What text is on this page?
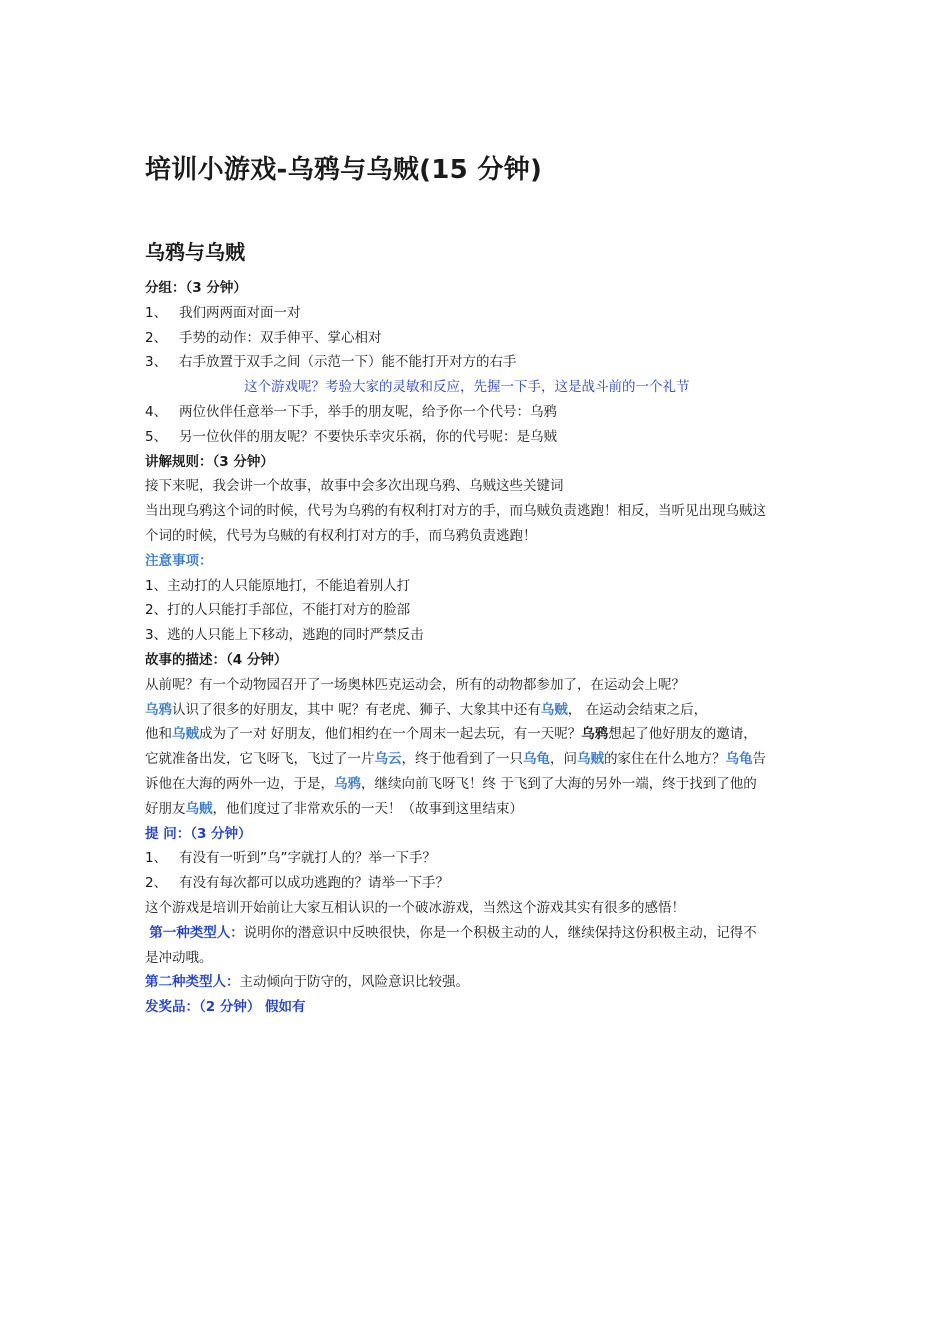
培训小游戏-乌鸦与乌贼(15 分钟)
乌鸦与乌贼
分组：（3 分钟）
1、 我们两两面对面一对
2、 手势的动作：双手伸平、掌心相对
3、 右手放置于双手之间（示范一下）能不能打开对方的右手
这个游戏呢？考验大家的灵敏和反应，先握一下手，这是战斗前的一个礼节
4、 两位伙伴任意举一下手，举手的朋友呢，给予你一个代号：乌鸦
5、 另一位伙伴的朋友呢？不要快乐幸灾乐祸，你的代号呢：是乌贼
讲解规则：（3 分钟）
接下来呢，我会讲一个故事，故事中会多次出现乌鸦、乌贼这些关键词
当出现乌鸦这个词的时候，代号为乌鸦的有权利打对方的手，而乌贼负责逃跑！相反，当听见出现乌贼这
个词的时候，代号为乌贼的有权利打对方的手，而乌鸦负责逃跑！
注意事项：
1、主动打的人只能原地打，不能追着别人打
2、打的人只能打手部位，不能打对方的脸部
3、逃的人只能上下移动，逃跑的同时严禁反击
故事的描述：（4 分钟）
从前呢？有一个动物园召开了一场奥林匹克运动会，所有的动物都参加了，在运动会上呢？
乌鸦认识了很多的好朋友，其中 呢？有老虎、狮子、大象其中还有乌贼， 在运动会结束之后，
他和乌贼成为了一对 好朋友，他们相约在一个周末一起去玩，有一天呢？乌鸦想起了他好朋友的邀请，
它就准备出发，它飞呀飞，飞过了一片乌云，终于他看到了一只乌龟，问乌贼的家住在什么地方？乌龟告
诉他在大海的两外一边，于是，乌鸦，继续向前飞呀飞！终 于飞到了大海的另外一端，终于找到了他的
好朋友乌贼，他们度过了非常欢乐的一天！（故事到这里结束）
提 问：（3 分钟）
1、 有没有一听到”乌”字就打人的？举一下手？
2、 有没有每次都可以成功逃跑的？请举一下手？
这个游戏是培训开始前让大家互相认识的一个破冰游戏，当然这个游戏其实有很多的感悟！
第一种类型人：说明你的潜意识中反映很快，你是一个积极主动的人，继续保持这份积极主动，记得不
是冲动哦。
第二种类型人：主动倾向于防守的，风险意识比较强。
发奖品：（2 分钟） 假如有
